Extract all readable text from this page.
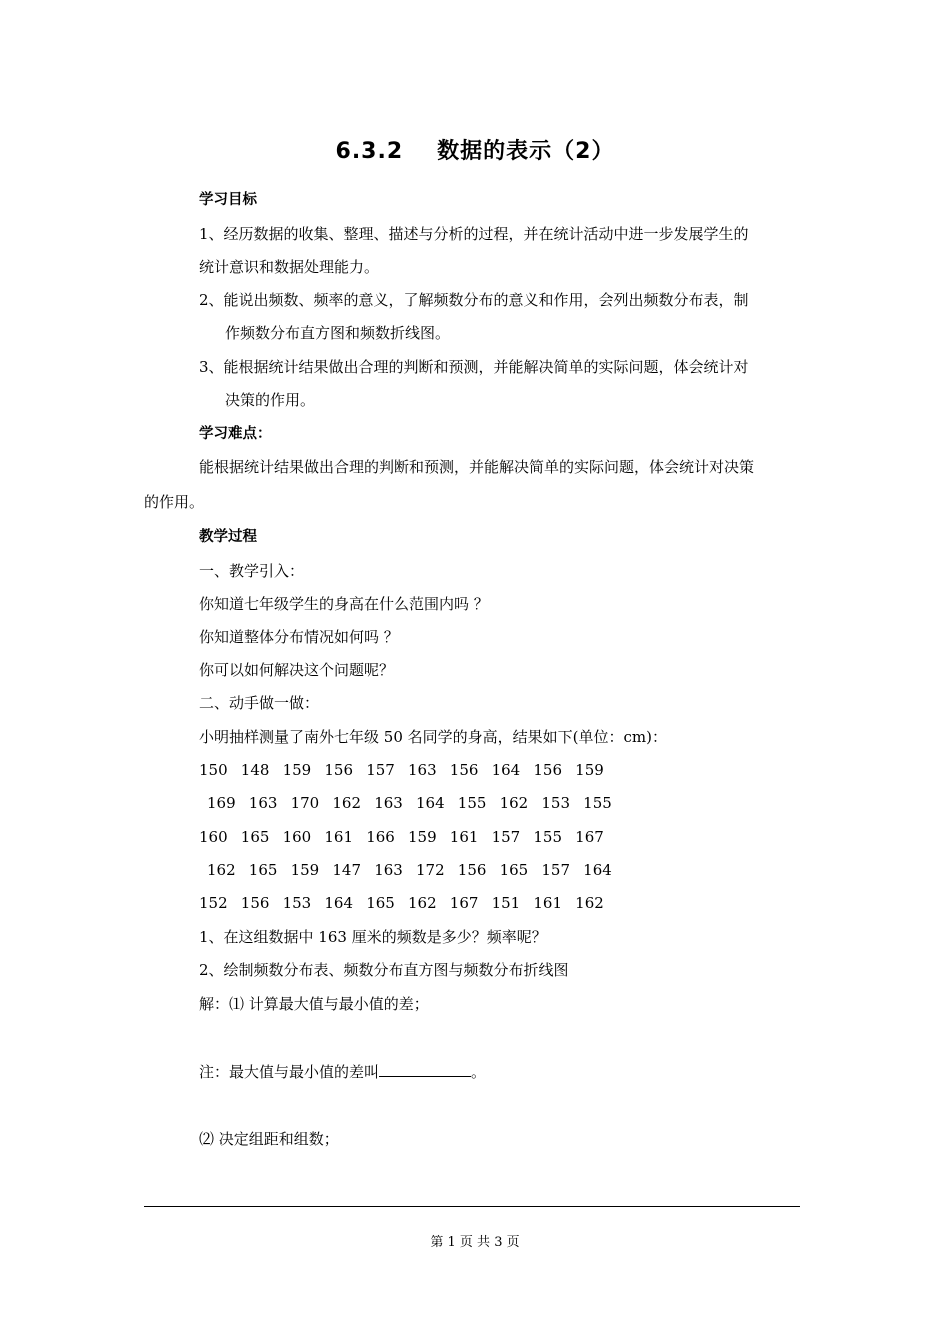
6.3.2 数据的表示（2）
学习目标
1、经历数据的收集、整理、描述与分析的过程，并在统计活动中进一步发展学生的
统计意识和数据处理能力。
2、能说出频数、频率的意义，了解频数分布的意义和作用，会列出频数分布表，制
作频数分布直方图和频数折线图。
3、能根据统计结果做出合理的判断和预测，并能解决简单的实际问题，体会统计对
决策的作用。
学习难点：
能根据统计结果做出合理的判断和预测，并能解决简单的实际问题，体会统计对决策
的作用。
教学过程
一、教学引入：
你知道七年级学生的身高在什么范围内吗 ？
你知道整体分布情况如何吗 ？
你可以如何解决这个问题呢？
二、动手做一做：
小明抽样测量了南外七年级 50 名同学的身高，结果如下(单位：cm)：
150 148 159 156 157 163 156 164 156 159
169 163 170 162 163 164 155 162 153 155
160 165 160 161 166 159 161 157 155 167
162 165 159 147 163 172 156 165 157 164
152 156 153 164 165 162 167 151 161 162
1、在这组数据中 163 厘米的频数是多少？频率呢？
2、绘制频数分布表、频数分布直方图与频数分布折线图
解：⑴ 计算最大值与最小值的差；
注：最大值与最小值的差叫	。
⑵ 决定组距和组数；
第 1 页 共 3 页
